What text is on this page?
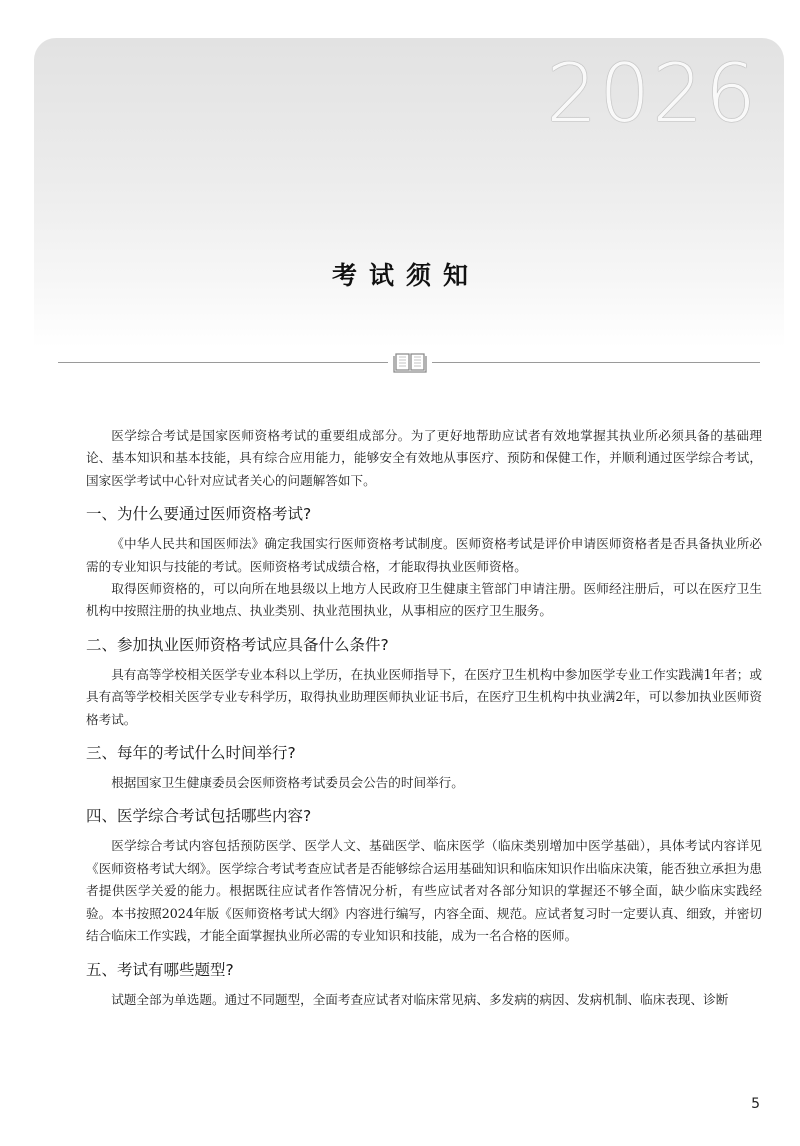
2026
考试须知

医学综合考试是国家医师资格考试的重要组成部分。为了更好地帮助应试者有效地掌握其执业所必须具备的基础理论、基本知识和基本技能，具有综合应用能力，能够安全有效地从事医疗、预防和保健工作，并顺利通过医学综合考试，国家医学考试中心针对应试者关心的问题解答如下。

一、为什么要通过医师资格考试?

《中华人民共和国医师法》确定我国实行医师资格考试制度。医师资格考试是评价申请医师资格者是否具备执业所必需的专业知识与技能的考试。医师资格考试成绩合格，才能取得执业医师资格。

取得医师资格的，可以向所在地县级以上地方人民政府卫生健康主管部门申请注册。医师经注册后，可以在医疗卫生机构中按照注册的执业地点、执业类别、执业范围执业，从事相应的医疗卫生服务。

二、参加执业医师资格考试应具备什么条件?

具有高等学校相关医学专业本科以上学历，在执业医师指导下，在医疗卫生机构中参加医学专业工作实践满1年者；或具有高等学校相关医学专业专科学历，取得执业助理医师执业证书后，在医疗卫生机构中执业满2年，可以参加执业医师资格考试。

三、每年的考试什么时间举行?

根据国家卫生健康委员会医师资格考试委员会公告的时间举行。

四、医学综合考试包括哪些内容?

医学综合考试内容包括预防医学、医学人文、基础医学、临床医学（临床类别增加中医学基础），具体考试内容详见《医师资格考试大纲》。医学综合考试考查应试者是否能够综合运用基础知识和临床知识作出临床决策，能否独立承担为患者提供医学关爱的能力。根据既往应试者作答情况分析，有些应试者对各部分知识的掌握还不够全面，缺少临床实践经验。本书按照2024年版《医师资格考试大纲》内容进行编写，内容全面、规范。应试者复习时一定要认真、细致，并密切结合临床工作实践，才能全面掌握执业所必需的专业知识和技能，成为一名合格的医师。

五、考试有哪些题型?

试题全部为单选题。通过不同题型，全面考查应试者对临床常见病、多发病的病因、发病机制、临床表现、诊断

5
